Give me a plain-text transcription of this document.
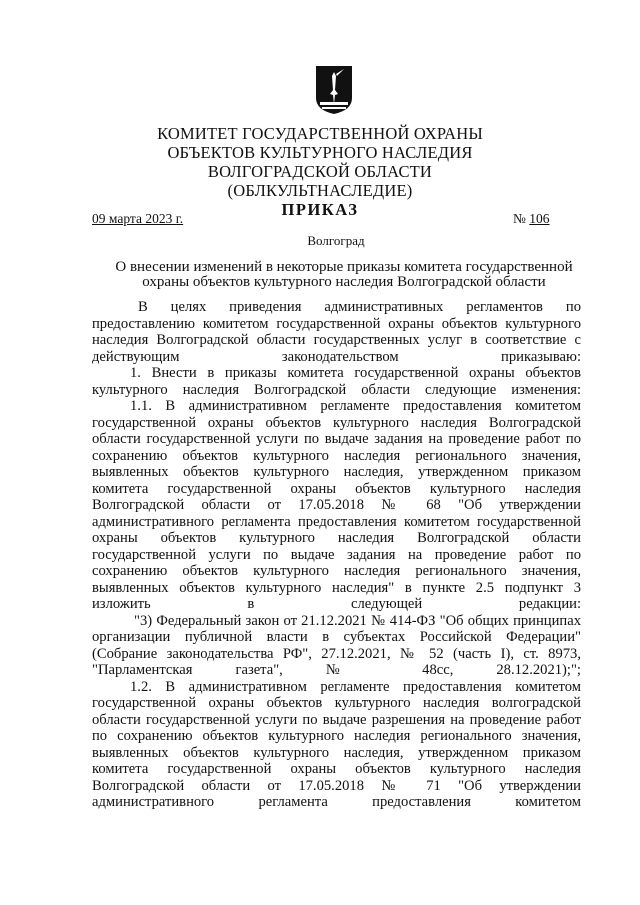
КОМИТЕТ ГОСУДАРСТВЕННОЙ ОХРАНЫ
ОБЪЕКТОВ КУЛЬТУРНОГО НАСЛЕДИЯ
ВОЛГОГРАДСКОЙ ОБЛАСТИ
(ОБЛКУЛЬТНАСЛЕДИЕ)
ПРИКАЗ
09 марта 2023 г.	№ 106
Волгоград
О внесении изменений в некоторые приказы комитета государственной
охраны объектов культурного наследия Волгоградской области

В целях приведения административных регламентов по предоставлению комитетом государственной охраны объектов культурного наследия Волгоградской области государственных услуг в соответствие с действующим законодательством приказываю:

1. Внести в приказы комитета государственной охраны объектов культурного наследия Волгоградской области следующие изменения:

1.1. В административном регламенте предоставления комитетом государственной охраны объектов культурного наследия Волгоградской области государственной услуги по выдаче задания на проведение работ по сохранению объектов культурного наследия регионального значения, выявленных объектов культурного наследия, утвержденном приказом комитета государственной охраны объектов культурного наследия Волгоградской области от 17.05.2018 № 68 "Об утверждении административного регламента предоставления комитетом государственной охраны объектов культурного наследия Волгоградской области государственной услуги по выдаче задания на проведение работ по сохранению объектов культурного наследия регионального значения, выявленных объектов культурного наследия" в пункте 2.5 подпункт 3 изложить в следующей редакции:

"3) Федеральный закон от 21.12.2021 № 414-ФЗ "Об общих принципах организации публичной власти в субъектах Российской Федерации" (Собрание законодательства РФ", 27.12.2021, № 52 (часть I), ст. 8973, "Парламентская газета", № 48сс, 28.12.2021);";

1.2. В административном регламенте предоставления комитетом государственной охраны объектов культурного наследия волгоградской области государственной услуги по выдаче разрешения на проведение работ по сохранению объектов культурного наследия регионального значения, выявленных объектов культурного наследия, утвержденном приказом комитета государственной охраны объектов культурного наследия Волгоградской области от 17.05.2018 № 71 "Об утверждении административного регламента предоставления комитетом
